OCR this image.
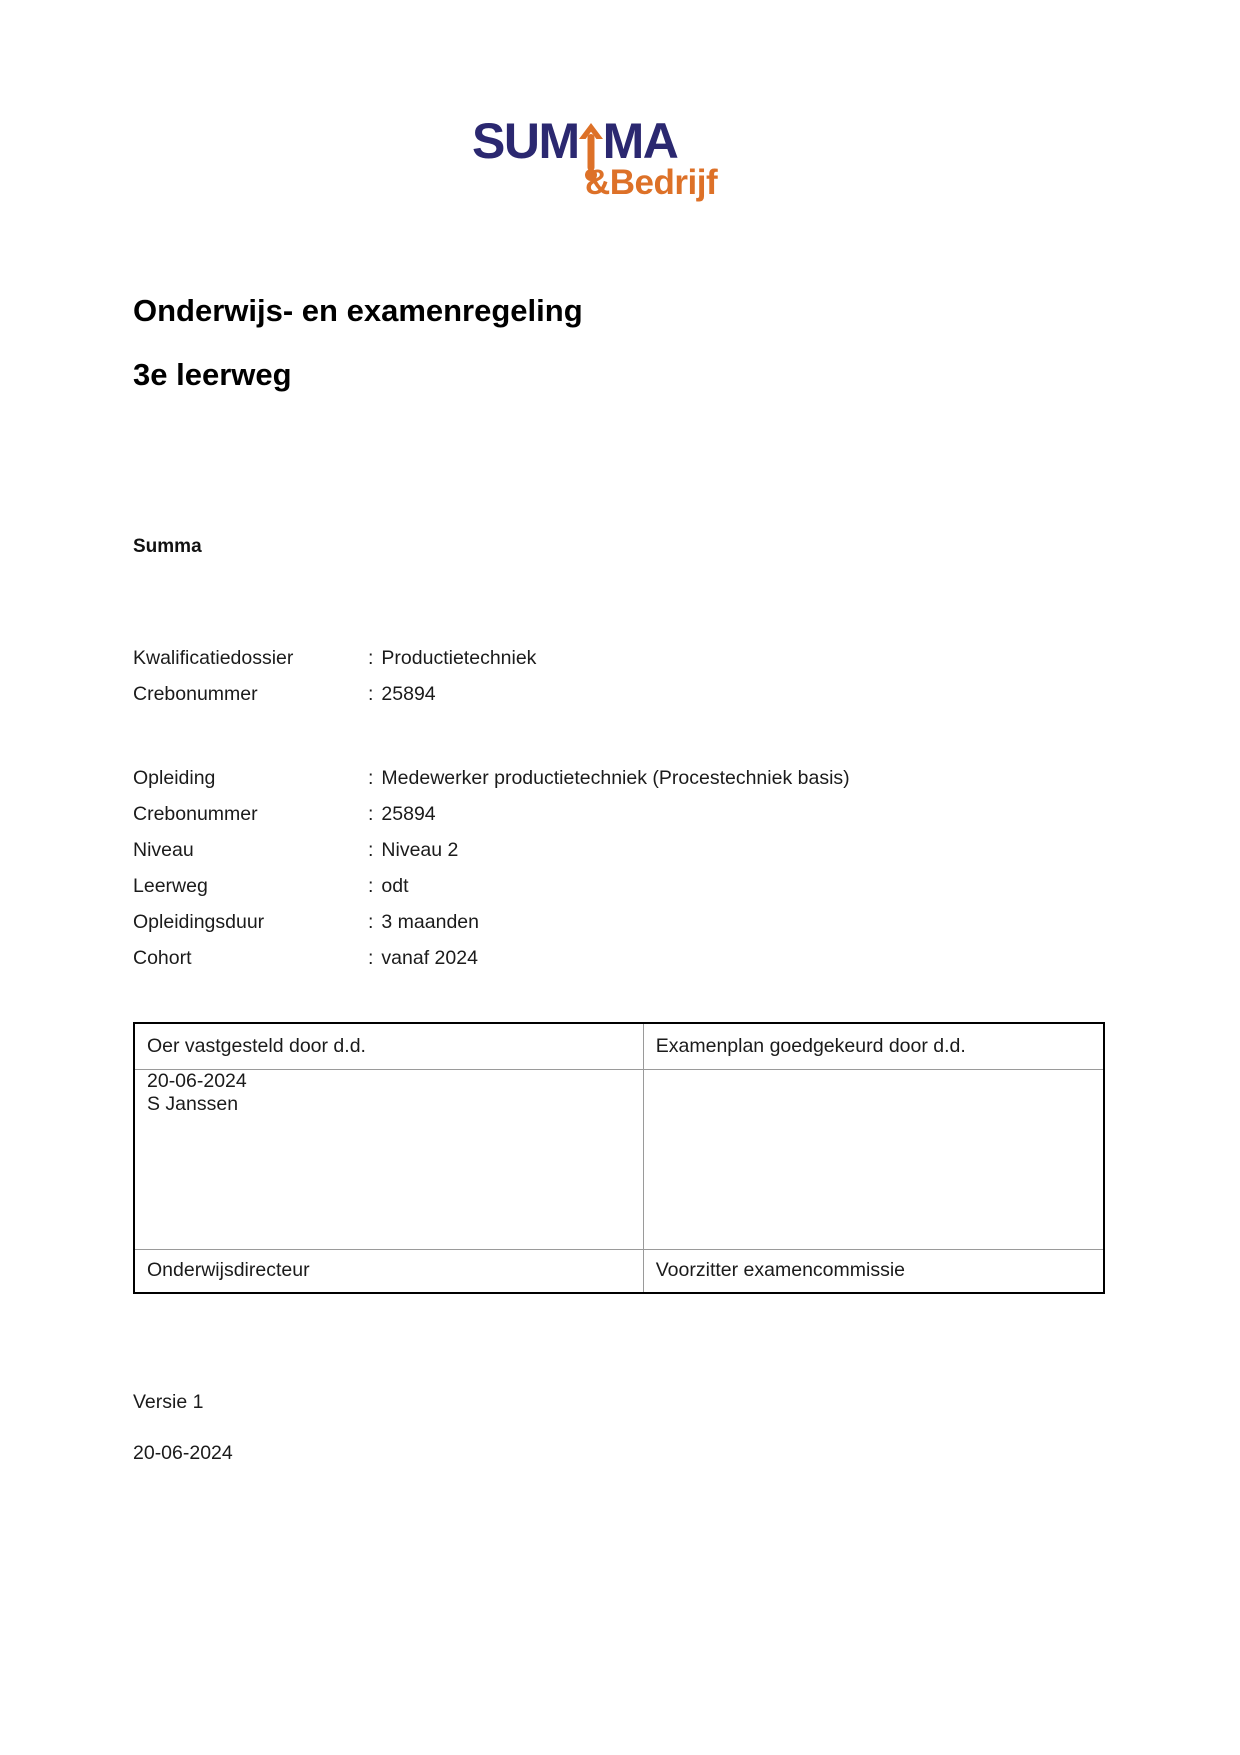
SUM MA
&Bedrijf
Onderwijs- en examenregeling
3e leerweg
Summa
Kwalificatiedossier	: Productietechniek
Crebonummer	: 25894
Opleiding	: Medewerker productietechniek (Procestechniek basis)
Crebonummer	: 25894
Niveau	: Niveau 2
Leerweg	: odt
Opleidingsduur	: 3 maanden
Cohort	: vanaf 2024
Oer vastgesteld door d.d.	Examenplan goedgekeurd door d.d.

20-06-2024

S Janssen	

Onderwijsdirecteur	Voorzitter examencommissie

Versie 1

20-06-2024
